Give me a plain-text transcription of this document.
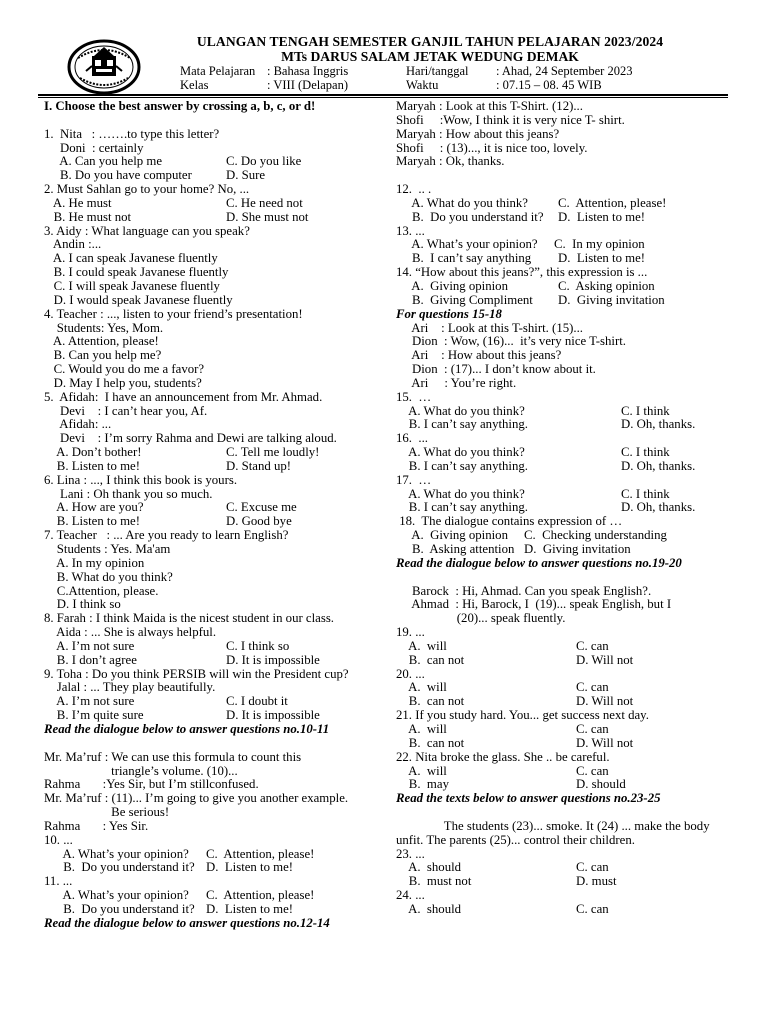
ULANGAN TENGAH SEMESTER GANJIL TAHUN PELAJARAN 2023/2024
MTs DARUS SALAM JETAK WEDUNG DEMAK
Mata Pelajaran : Bahasa Inggris	Hari/tanggal : Ahad, 24 September 2023
Kelas	: VIII (Delapan)	Waktu	: 07.15 – 08. 45 WIB
I. Choose the best answer by crossing a, b, c, or d!
1.  Nita   : …….to type this letter?
Doni  : certainly
A. Can you help me	C. Do you like
B. Do you have computer	D. Sure
2. Must Sahlan go to your home? No, ...
A. He must	C. He need not
B. He must not	D. She must not
3. Aidy : What language can you speak?
Andin :...
A. I can speak Javanese fluently
B. I could speak Javanese fluently
C. I will speak Javanese fluently
D. I would speak Javanese fluently
4. Teacher : ..., listen to your friend’s presentation!
Students: Yes, Mom.
A. Attention, please!
B. Can you help me?
C. Would you do me a favor?
D. May I help you, students?
5.  Afidah:  I have an announcement from Mr. Ahmad.
Devi    : I can’t hear you, Af.
Afidah: ...
Devi    : I’m sorry Rahma and Dewi are talking aloud.
A. Don’t bother!	C. Tell me loudly!
B. Listen to me!	D. Stand up!
6. Lina : ..., I think this book is yours.
Lani : Oh thank you so much.
A. How are you?	C. Excuse me
B. Listen to me!	D. Good bye
7. Teacher   : ... Are you ready to learn English?
Students : Yes. Ma'am
A. In my opinion
B. What do you think?
C.Attention, please.
D. I think so
8. Farah : I think Maida is the nicest student in our class.
Aida : ... She is always helpful.
A. I’m not sure	C. I think so
B. I don’t agree	D. It is impossible
9. Toha : Do you think PERSIB will win the President cup?
Jalal : ... They play beautifully.
A. I’m not sure	C. I doubt it
B. I’m quite sure	D. It is impossible
Read the dialogue below to answer questions no.10-11
Mr. Ma’ruf : We can use this formula to count this
triangle’s volume. (10)...
Rahma       :Yes Sir, but I’m stillconfused.
Mr. Ma’ruf : (11)... I’m going to give you another example.
Be serious!
Rahma       : Yes Sir.
10. ...
A. What’s your opinion?	C.  Attention, please!
B.  Do you understand it? D.  Listen to me!
11. ...
A. What’s your opinion?	C.  Attention, please!
B.  Do you understand it? D.  Listen to me!
Read the dialogue below to answer questions no.12-14
Maryah : Look at this T-Shirt. (12)...
Shofi     :Wow, I think it is very nice T- shirt.
Maryah : How about this jeans?
Shofi     : (13)..., it is nice too, lovely.
Maryah : Ok, thanks.
12.  .. .
A. What do you think?	C.  Attention, please!
B.  Do you understand it?	D.  Listen to me!
13. ...
A. What’s your opinion?	C.  In my opinion
B.  I can’t say anything	D.  Listen to me!
14. “How about this jeans?”, this expression is ...
A.  Giving opinion	C.  Asking opinion
B.  Giving Compliment	D.  Giving invitation
For questions 15-18
Ari    : Look at this T-shirt. (15)...
Dion  : Wow, (16)...  it’s very nice T-shirt.
Ari    : How about this jeans?
Dion  : (17)... I don’t know about it.
Ari     : You’re right.
15.  …
A. What do you think?	C. I think
B. I can’t say anything.	D. Oh, thanks.
16.  ...
A. What do you think?	C. I think
B. I can’t say anything.	D. Oh, thanks.
17.  …
A. What do you think?	C. I think
B. I can’t say anything.	D. Oh, thanks.
18.  The dialogue contains expression of …
A.  Giving opinion	C.  Checking understanding
B.  Asking attention D.  Giving invitation
Read the dialogue below to answer questions no.19-20
Barock  : Hi, Ahmad. Can you speak English?.
Ahmad  : Hi, Barock, I  (19)... speak English, but I
(20)... speak fluently.
19. ...
A.  will	C. can
B.  can not	D. Will not
20. ...
A.  will	C. can
B.  can not	D. Will not
21. If you study hard. You... get success next day.
A.  will	C. can
B.  can not	D. Will not
22. Nita broke the glass. She .. be careful.
A.  will	C. can
B.  may	D. should
Read the texts below to answer questions no.23-25
The students (23)... smoke. It (24) ... make the body
unfit. The parents (25)... control their children.
23. ...
A.  should	C. can
B.  must not	D. must
24. ...
A.  should	C. can
